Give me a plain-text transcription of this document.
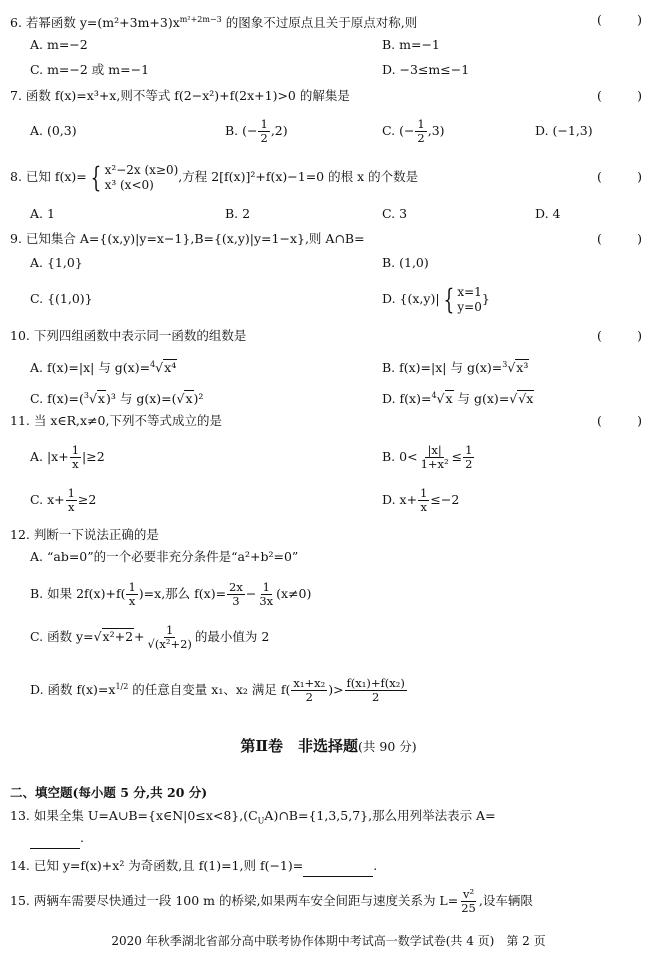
6. 若幂函数 $y=(m^2+3m+3)x^{m^2+2m-3}$ 的图象不过原点且关于原点对称,则	(	)
A. m=−2	B. m=−1
C. m=−2 或 m=−1	D. −3≤m≤−1
7. 函数 f(x)=x³+x,则不等式 f(2−x²)+f(2x+1)>0 的解集是	(	)
A. (0,3)	B. (− $\frac{1}{2} ,2$)	C. (− $\frac{1}{2} ,3$)	D. (−1,3)
8. 已知 f(x)= { x²−2x (x≥0)
x³ (x<0)
,方程 2[f(x)]²+f(x)−1=0 的根 x 的个数是	(	)
A. 1	B. 2	C. 3	D. 4
9. 已知集合 A={(x,y)|y=x−1},B={(x,y)|y=1−x},则 A∩B=	(	)
A. {1,0}	B. (1,0)
C. {(1,0)}	D. {(x,y)| { x=1
y=0
}
10. 下列四组函数中表示同一函数的组数是	(	)
A. f(x)=|x| 与 g(x)=$^4$√x⁴	B. f(x)=|x| 与 g(x)=$^3$√x³
C. f(x)=($^3$√x)³ 与 g(x)=(√x)²	D. f(x)=$^4$√x 与 g(x)=√√x
11. 当 x∈R,x≠0,下列不等式成立的是	(	)
A. $|x+ \frac{1}{x} |\ge 2$	B. $0< \frac{|x|}{\text{1+x²}} \le \frac{1}{2}$
C. $x+ \frac{1}{x} \ge 2$	D. $x+ \frac{1}{x} \le-2$
12. 判断一下说法正确的是
A. “ab=0”的一个必要非充分条件是“a²+b²=0”
B. 如果 $2f(x)+f( \frac{1}{x} )=x$,那么 $f(x)= \frac{2x}{3} - \frac{1}{3x} (x\ne 0)$
C. 函数 $y=√x^2+2+ \frac{1}{\text{√(x²+2)}}$ 的最小值为 2
D. 函数 $f(x)=x^{1/2}$ 的任意自变量 x₁、x₂ 满足 $f( \frac{\text{x₁+x₂}}{2}$ )> $\frac{\text{f(x₁)+f(x₂)}}{2}$
第Ⅱ卷　非选择题(共 90 分)
二、填空题(每小题 5 分,共 20 分)
13. 如果全集 $U=A\cup B=\{x\in N|0\le x<8\},(C_UA)\cap B=\{1,3,5,7\}$,那么用列举法表示 A=
.
14. 已知 y=f(x)+x² 为奇函数,且 f(1)=1,则 f(−1)=	.
15. 两辆车需要尽快通过一段 100 m 的桥梁,如果两车安全间距与速度关系为 $L= \frac{\text{v²}}{25}$ ,设车辆限
2020 年秋季湖北省部分高中联考协作体期中考试高一数学试卷(共 4 页)　第 2 页
